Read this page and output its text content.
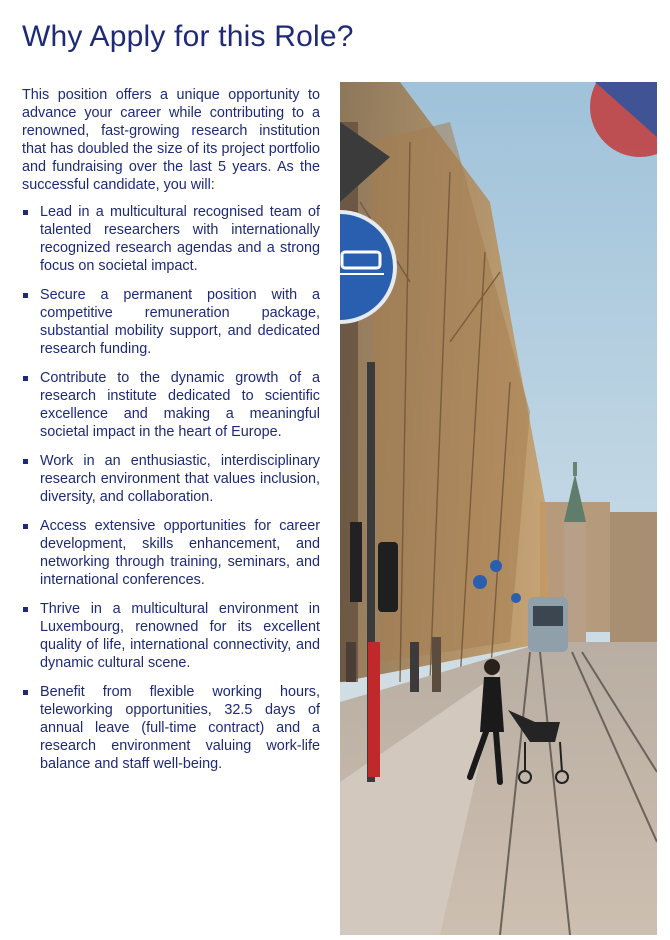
Why Apply for this Role?

This position offers a unique opportunity to advance your career while contributing to a renowned, fast-growing research institution that has doubled the size of its project portfolio and fundraising over the last 5 years. As the successful candidate, you will:

Lead in a multicultural recognised team of talented researchers with internationally recognized research agendas and a strong focus on societal impact.
Secure a permanent position with a competitive remuneration package, substantial mobility support, and dedicated research funding.
Contribute to the dynamic growth of a research institute dedicated to scientific excellence and making a meaningful societal impact in the heart of Europe.
Work in an enthusiastic, interdisciplinary research environment that values inclusion, diversity, and collaboration.
Access extensive opportunities for career development, skills enhancement, and networking through training, seminars, and international conferences.
Thrive in a multicultural environment in Luxembourg, renowned for its excellent quality of life, international connectivity, and dynamic cultural scene.
Benefit from flexible working hours, teleworking opportunities, 32.5 days of annual leave (full-time contract) and a research environment valuing work-life balance and staff well-being.
